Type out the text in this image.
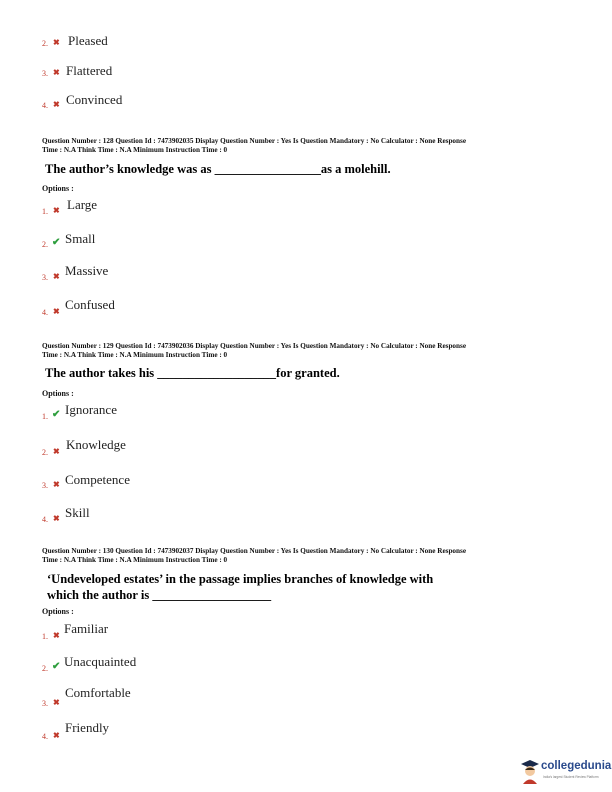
2. ✖ Pleased
3. ✖ Flattered
4. ✖ Convinced
Question Number : 128 Question Id : 7473902035 Display Question Number : Yes Is Question Mandatory : No Calculator : None Response
Time : N.A Think Time : N.A Minimum Instruction Time : 0
The author’s knowledge was as _________________as a molehill.
Options :
1. ✖ Large
2. ✔ Small
3. ✖ Massive
4. ✖ Confused
Question Number : 129 Question Id : 7473902036 Display Question Number : Yes Is Question Mandatory : No Calculator : None Response
Time : N.A Think Time : N.A Minimum Instruction Time : 0
The author takes his ___________________for granted.
Options :
1. ✔ Ignorance
2. ✖ Knowledge
3. ✖ Competence
4. ✖ Skill
Question Number : 130 Question Id : 7473902037 Display Question Number : Yes Is Question Mandatory : No Calculator : None Response
Time : N.A Think Time : N.A Minimum Instruction Time : 0
‘Undeveloped estates’ in the passage implies branches of knowledge with
which the author is ___________________
Options :
1. ✖ Familiar
2. ✔ Unacquainted
3. ✖
Comfortable
4. ✖
Friendly
collegedunia
India's largest Student Review Platform
